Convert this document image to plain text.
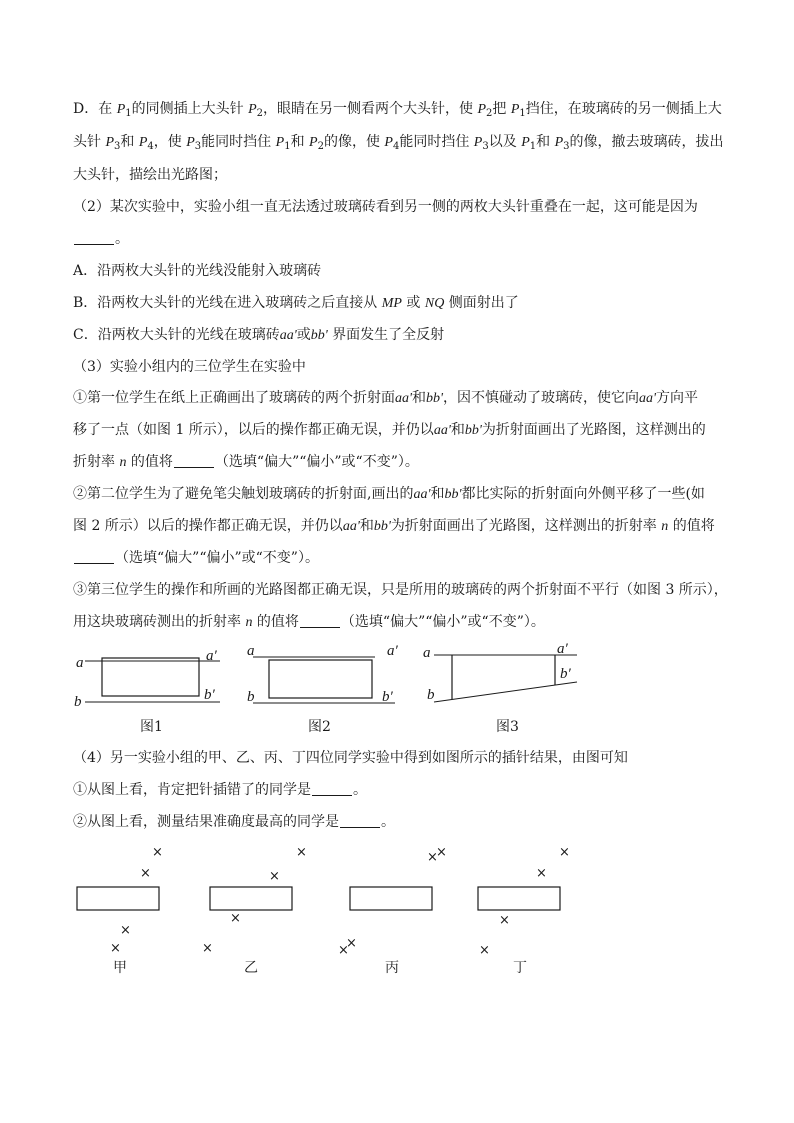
D．在 $P_1$的同侧插上大头针 $P_2$，眼睛在另一侧看两个大头针，使 $P_2$把 $P_1$挡住，在玻璃砖的另一侧插上大
头针 $P_3$和 $P_4$，使 $P_3$能同时挡住 $P_1$和 $P_2$的像，使 $P_4$能同时挡住 $P_3$以及 $P_1$和 $P_3$的像，撤去玻璃砖，拔出
大头针，描绘出光路图；
（2）某次实验中，实验小组一直无法透过玻璃砖看到另一侧的两枚大头针重叠在一起，这可能是因为
。
A．沿两枚大头针的光线没能射入玻璃砖
B．沿两枚大头针的光线在进入玻璃砖之后直接从 MP 或 NQ 侧面射出了
C．沿两枚大头针的光线在玻璃砖aa'或bb' 界面发生了全反射
（3）实验小组内的三位学生在实验中
①第一位学生在纸上正确画出了玻璃砖的两个折射面aa'和bb'，因不慎碰动了玻璃砖，使它向aa'方向平
移了一点（如图 1 所示），以后的操作都正确无误，并仍以aa'和bb'为折射面画出了光路图，这样测出的
折射率 n 的值将	（选填“偏大”“偏小”或“不变”）。
②第二位学生为了避免笔尖触划玻璃砖的折射面,画出的aa'和bb'都比实际的折射面向外侧平移了一些(如
图 2 所示）以后的操作都正确无误，并仍以aa'和bb'为折射面画出了光路图，这样测出的折射率 n 的值将
（选填“偏大”“偏小”或“不变”）。
③第三位学生的操作和所画的光路图都正确无误，只是所用的玻璃砖的两个折射面不平行（如图 3 所示），
用这块玻璃砖测出的折射率 n 的值将	（选填“偏大”“偏小”或“不变”）。
a	a′
b	b′
图1
a	a′
b	b′
图2
a	a′
b
b′
图3
（4）另一实验小组的甲、乙、丙、丁四位同学实验中得到如图所示的插针结果，由图可知
①从图上看，肯定把针插错了的同学是	。
②从图上看，测量结果准确度最高的同学是	。
×
×
×
×
甲
×
×
×
×
乙
×
×
×
×
丙
×
×
×
×
丁
